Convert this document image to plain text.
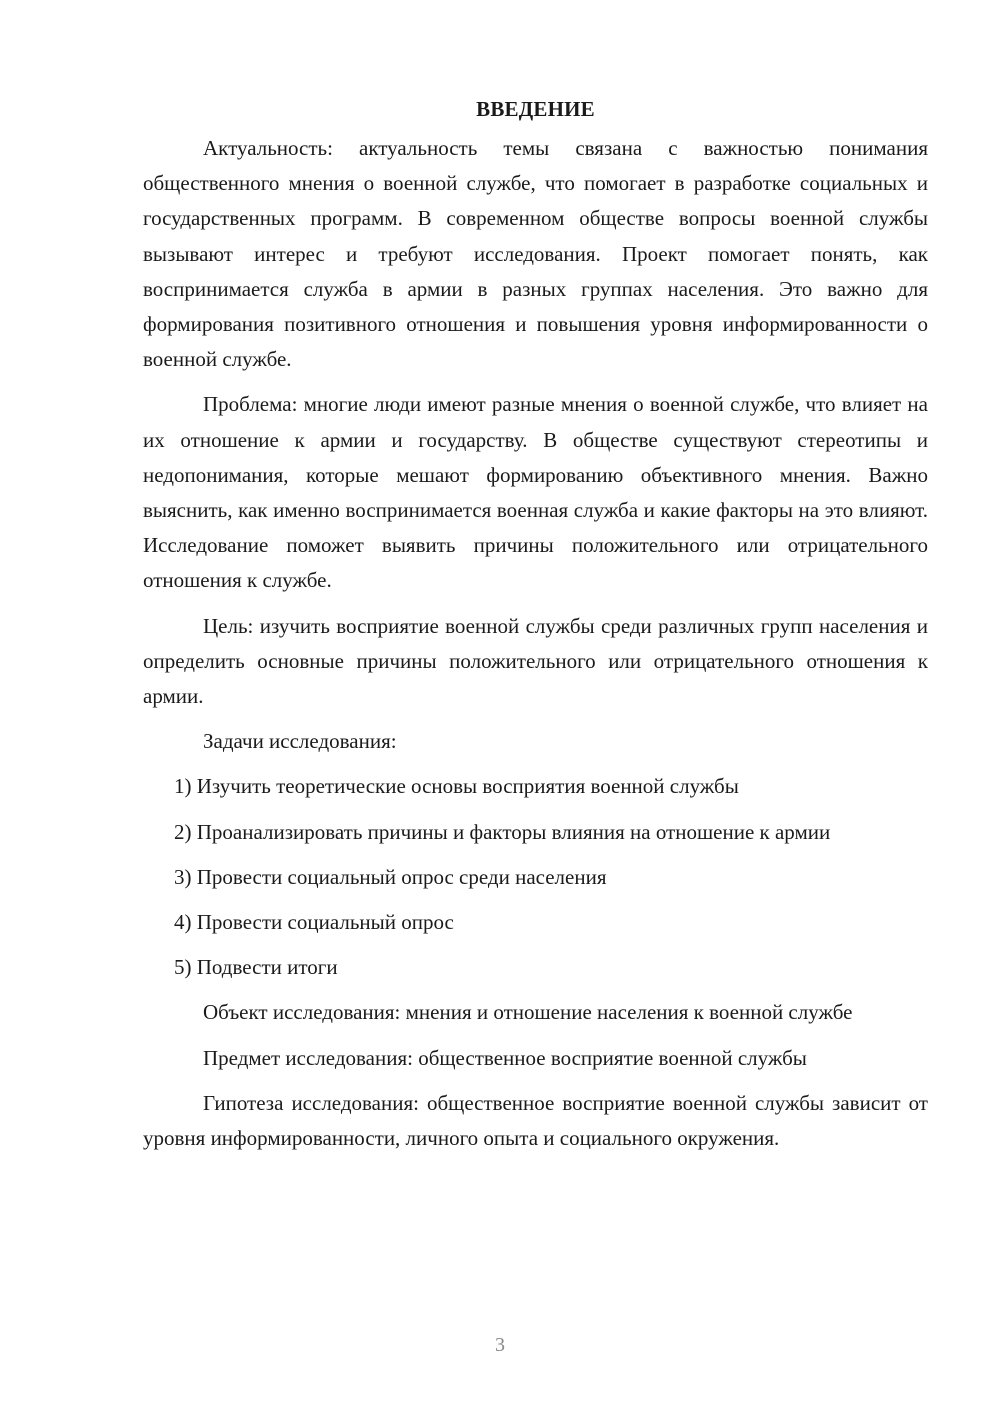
ВВЕДЕНИЕ

Актуальность: актуальность темы связана с важностью понимания общественного мнения о военной службе, что помогает в разработке социальных и государственных программ. В современном обществе вопросы военной службы вызывают интерес и требуют исследования. Проект помогает понять, как воспринимается служба в армии в разных группах населения. Это важно для формирования позитивного отношения и повышения уровня информированности о военной службе.

Проблема: многие люди имеют разные мнения о военной службе, что влияет на их отношение к армии и государству. В обществе существуют стереотипы и недопонимания, которые мешают формированию объективного мнения. Важно выяснить, как именно воспринимается военная служба и какие факторы на это влияют. Исследование поможет выявить причины положительного или отрицательного отношения к службе.

Цель: изучить восприятие военной службы среди различных групп населения и определить основные причины положительного или отрицательного отношения к армии.

Задачи исследования:

1) Изучить теоретические основы восприятия военной службы

2) Проанализировать причины и факторы влияния на отношение к армии

3) Провести социальный опрос среди населения

4) Провести социальный опрос

5) Подвести итоги

Объект исследования: мнения и отношение населения к военной службе

Предмет исследования: общественное восприятие военной службы

Гипотеза исследования: общественное восприятие военной службы зависит от уровня информированности, личного опыта и социального окружения.

3
